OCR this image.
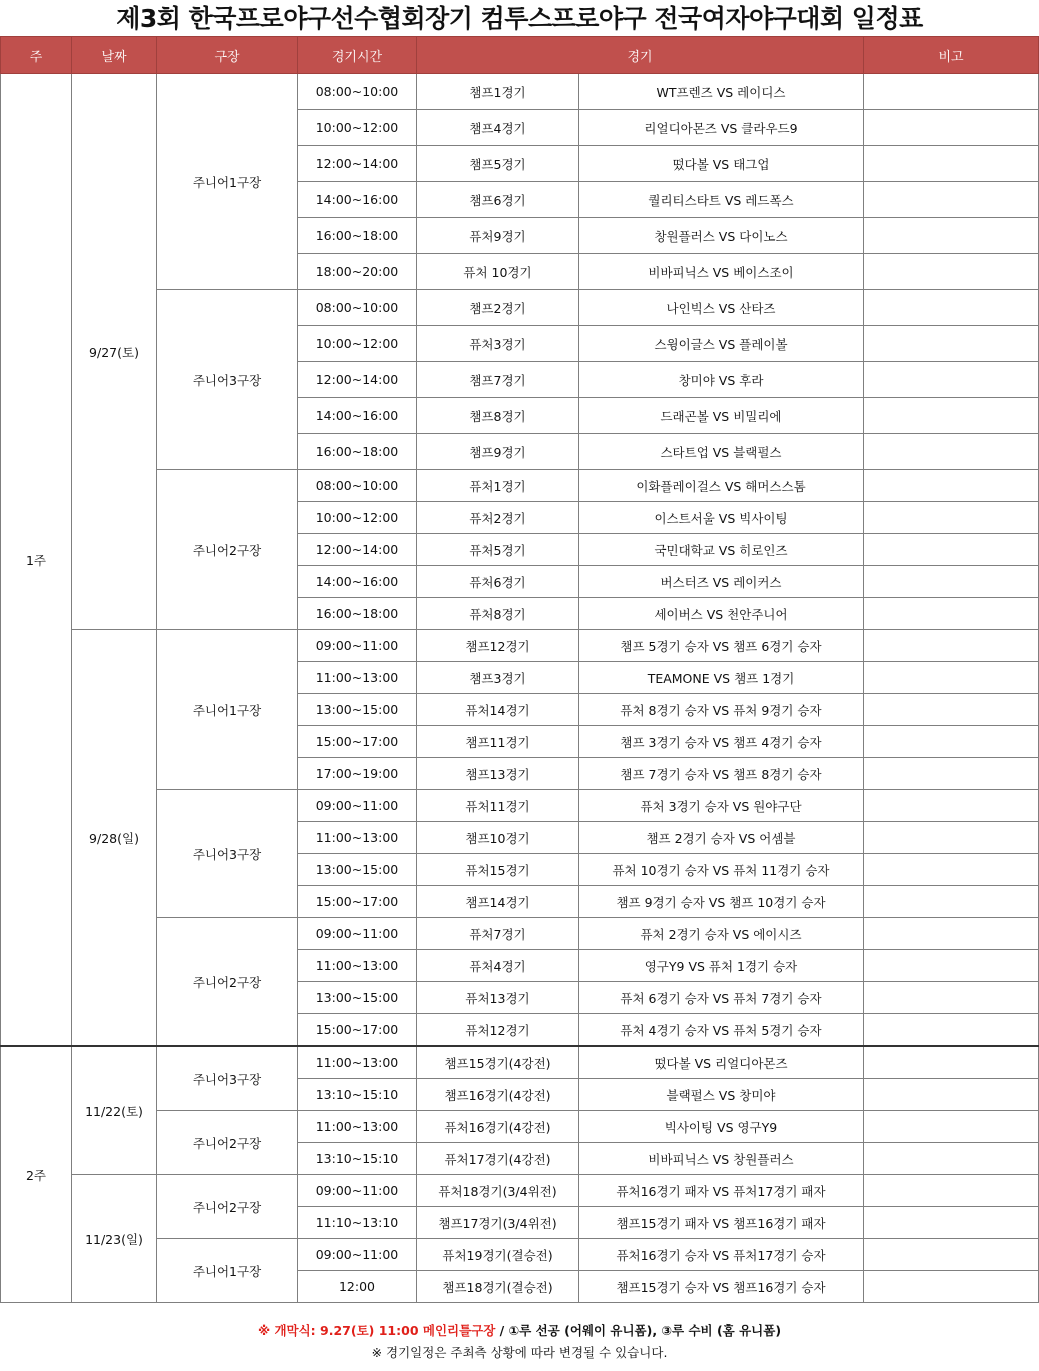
제3회 한국프로야구선수협회장기 컴투스프로야구 전국여자야구대회 일정표
주	날짜	구장	경기시간	경기		비고
1주	9/27(토)	주니어1구장	08:00~10:00	챔프1경기	WT프렌즈 VS 레이디스	
			10:00~12:00	챔프4경기	리얼디아몬즈 VS 클라우드9	
			12:00~14:00	챔프5경기	떴다볼 VS 태그업	
			14:00~16:00	챔프6경기	퀄리티스타트 VS 레드폭스	
			16:00~18:00	퓨처9경기	창원플러스 VS 다이노스	
			18:00~20:00	퓨처 10경기	비바피닉스 VS 베이스조이	
		주니어3구장	08:00~10:00	챔프2경기	나인빅스 VS 산타즈	
			10:00~12:00	퓨처3경기	스윙이글스 VS 플레이볼	
			12:00~14:00	챔프7경기	창미야 VS 후라	
			14:00~16:00	챔프8경기	드래곤볼 VS 비밀리에	
			16:00~18:00	챔프9경기	스타트업 VS 블랙펄스	
		주니어2구장	08:00~10:00	퓨처1경기	이화플레이걸스 VS 해머스스톰	
			10:00~12:00	퓨처2경기	이스트서울 VS 빅사이팅	
			12:00~14:00	퓨처5경기	국민대학교 VS 히로인즈	
			14:00~16:00	퓨처6경기	버스터즈 VS 레이커스	
			16:00~18:00	퓨처8경기	세이버스 VS 천안주니어	
	9/28(일)	주니어1구장	09:00~11:00	챔프12경기	챔프 5경기 승자 VS 챔프 6경기 승자	
			11:00~13:00	챔프3경기	TEAMONE VS 챔프 1경기	
			13:00~15:00	퓨처14경기	퓨처 8경기 승자 VS 퓨처 9경기 승자	
			15:00~17:00	챔프11경기	챔프 3경기 승자 VS 챔프 4경기 승자	
			17:00~19:00	챔프13경기	챔프 7경기 승자 VS 챔프 8경기 승자	
		주니어3구장	09:00~11:00	퓨처11경기	퓨처 3경기 승자 VS 원야구단	
			11:00~13:00	챔프10경기	챔프 2경기 승자 VS 어셈블	
			13:00~15:00	퓨처15경기	퓨처 10경기 승자 VS 퓨처 11경기 승자	
			15:00~17:00	챔프14경기	챔프 9경기 승자 VS 챔프 10경기 승자	
		주니어2구장	09:00~11:00	퓨처7경기	퓨처 2경기 승자 VS 에이시즈	
			11:00~13:00	퓨처4경기	영구Y9 VS 퓨처 1경기 승자	
			13:00~15:00	퓨처13경기	퓨처 6경기 승자 VS 퓨처 7경기 승자	
			15:00~17:00	퓨처12경기	퓨처 4경기 승자 VS 퓨처 5경기 승자	
2주	11/22(토)	주니어3구장	11:00~13:00	챔프15경기(4강전)	떴다볼 VS 리얼디아몬즈	
			13:10~15:10	챔프16경기(4강전)	블랙펄스 VS 창미야	
		주니어2구장	11:00~13:00	퓨처16경기(4강전)	빅사이팅 VS 영구Y9	
			13:10~15:10	퓨처17경기(4강전)	비바피닉스 VS 창원플러스	
	11/23(일)	주니어2구장	09:00~11:00	퓨처18경기(3/4위전)	퓨처16경기 패자 VS 퓨처17경기 패자	
			11:10~13:10	챔프17경기(3/4위전)	챔프15경기 패자 VS 챔프16경기 패자	
		주니어1구장	09:00~11:00	퓨처19경기(결승전)	퓨처16경기 승자 VS 퓨처17경기 승자	
			12:00	챔프18경기(결승전)	챔프15경기 승자 VS 챔프16경기 승자	
※ 개막식: 9.27(토) 11:00 메인리틀구장 / ①루 선공 (어웨이 유니폼), ③루 수비 (홈 유니폼)
※ 경기일정은 주최측 상황에 따라 변경될 수 있습니다.
